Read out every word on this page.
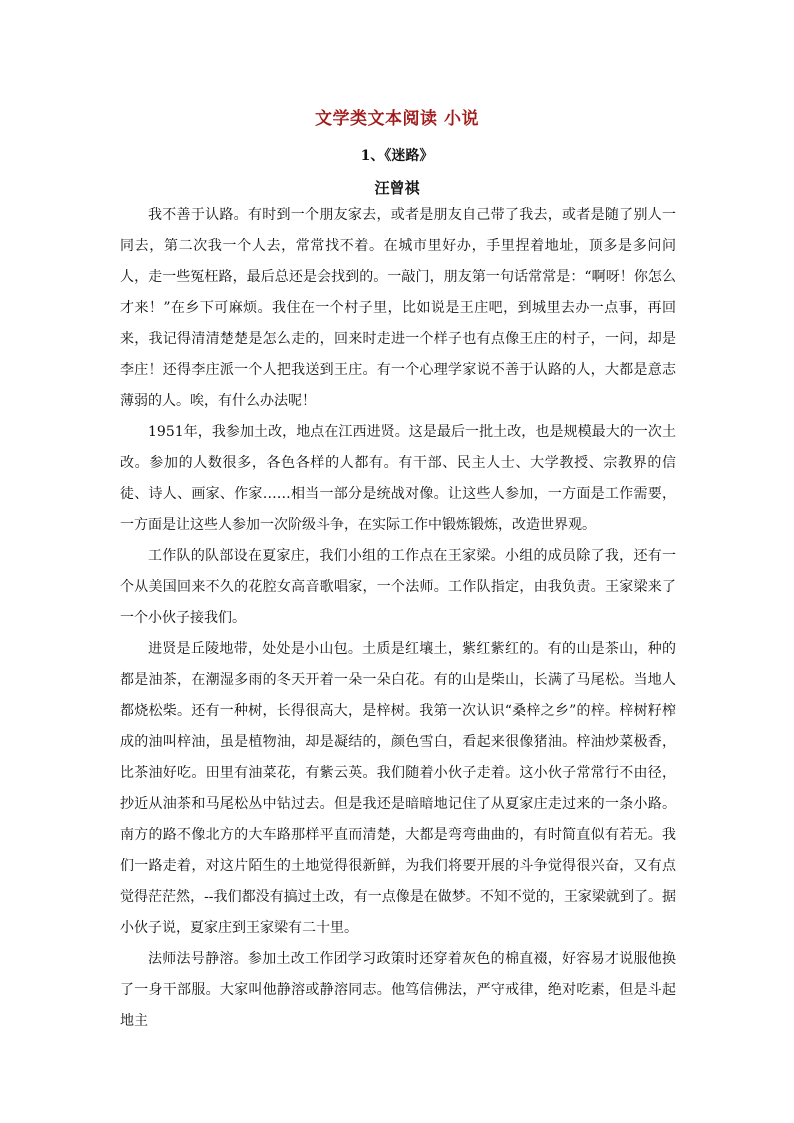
文学类文本阅读 小说
1、《迷路》
汪曾祺

我不善于认路。有时到一个朋友家去，或者是朋友自己带了我去，或者是随了别人一同去，第二次我一个人去，常常找不着。在城市里好办，手里捏着地址，顶多是多问问人，走一些冤枉路，最后总还是会找到的。一敲门，朋友第一句话常常是：“啊呀！你怎么才来！”在乡下可麻烦。我住在一个村子里，比如说是王庄吧，到城里去办一点事，再回来，我记得清清楚楚是怎么走的，回来时走进一个样子也有点像王庄的村子，一问，却是李庄！还得李庄派一个人把我送到王庄。有一个心理学家说不善于认路的人，大都是意志薄弱的人。唉，有什么办法呢！

1951年，我参加土改，地点在江西进贤。这是最后一批土改，也是规模最大的一次土改。参加的人数很多，各色各样的人都有。有干部、民主人士、大学教授、宗教界的信徒、诗人、画家、作家……相当一部分是统战对像。让这些人参加，一方面是工作需要，一方面是让这些人参加一次阶级斗争，在实际工作中锻炼锻炼，改造世界观。

工作队的队部设在夏家庄，我们小组的工作点在王家梁。小组的成员除了我，还有一个从美国回来不久的花腔女高音歌唱家，一个法师。工作队指定，由我负责。王家梁来了一个小伙子接我们。

进贤是丘陵地带，处处是小山包。土质是红壤土，紫红紫红的。有的山是茶山，种的都是油茶，在潮湿多雨的冬天开着一朵一朵白花。有的山是柴山，长满了马尾松。当地人都烧松柴。还有一种树，长得很高大，是梓树。我第一次认识“桑梓之乡”的梓。梓树籽榨成的油叫梓油，虽是植物油，却是凝结的，颜色雪白，看起来很像猪油。梓油炒菜极香，比茶油好吃。田里有油菜花，有紫云英。我们随着小伙子走着。这小伙子常常行不由径，抄近从油茶和马尾松丛中钻过去。但是我还是暗暗地记住了从夏家庄走过来的一条小路。南方的路不像北方的大车路那样平直而清楚，大都是弯弯曲曲的，有时简直似有若无。我们一路走着，对这片陌生的土地觉得很新鲜，为我们将要开展的斗争觉得很兴奋，又有点觉得茫茫然，--我们都没有搞过土改，有一点像是在做梦。不知不觉的，王家梁就到了。据小伙子说，夏家庄到王家梁有二十里。

法师法号静溶。参加土改工作团学习政策时还穿着灰色的棉直裰，好容易才说服他换了一身干部服。大家叫他静溶或静溶同志。他笃信佛法，严守戒律，绝对吃素，但是斗起地主
